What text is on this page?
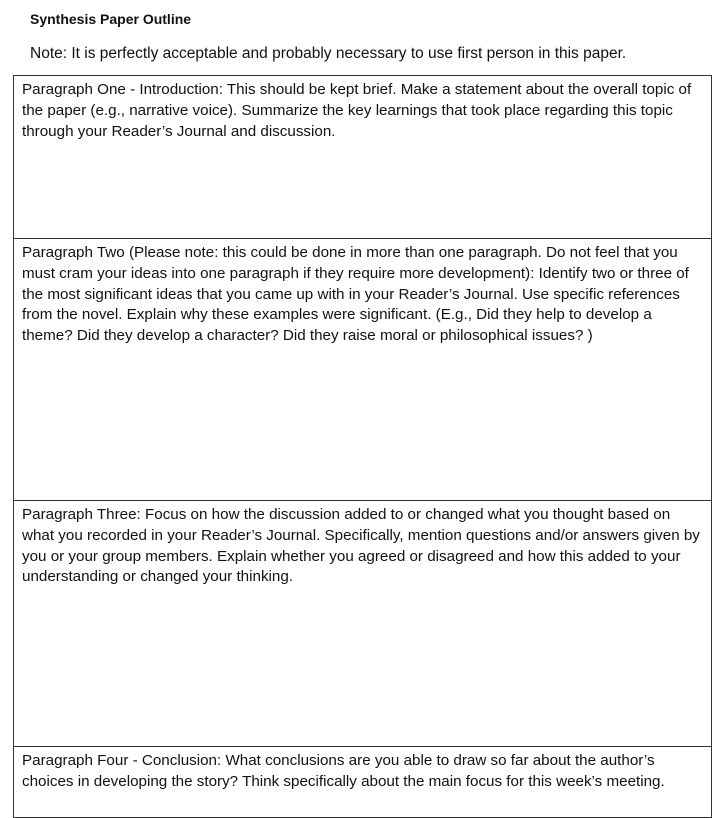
Synthesis Paper Outline
Note: It is perfectly acceptable and probably necessary to use first person in this paper.

Paragraph One - Introduction: This should be kept brief. Make a statement about the overall topic of the paper (e.g., narrative voice). Summarize the key learnings that took place regarding this topic through your Reader’s Journal and discussion.

Paragraph Two (Please note: this could be done in more than one paragraph. Do not feel that you must cram your ideas into one paragraph if they require more development): Identify two or three of the most significant ideas that you came up with in your Reader’s Journal. Use specific references from the novel. Explain why these examples were significant. (E.g., Did they help to develop a theme? Did they develop a character? Did they raise moral or philosophical issues? )

Paragraph Three: Focus on how the discussion added to or changed what you thought based on what you recorded in your Reader’s Journal. Specifically, mention questions and/or answers given by you or your group members. Explain whether you agreed or disagreed and how this added to your understanding or changed your thinking.

Paragraph Four - Conclusion: What conclusions are you able to draw so far about the author’s choices in developing the story? Think specifically about the main focus for this week’s meeting.
